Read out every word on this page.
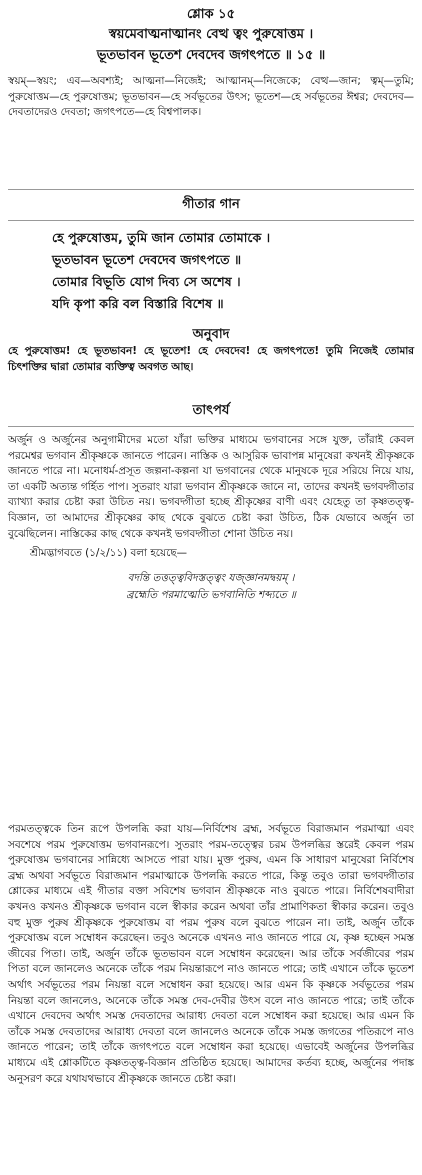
শ্লোক ১৫

স্বয়মেবাত্মনাত্মানং বেত্থ ত্বং পুরুষোত্তম ।

ভূতভাবন ভূতেশ দেবদেব জগৎপতে ॥ ১৫ ॥

স্বয়ম্—স্বয়ং; এব—অবশ্যই; আত্মনা—নিজেই; আত্মানম্—নিজেকে; বেত্থ—জান; ত্বম্—তুমি; পুরুষোত্তম—হে পুরুষোত্তম; ভূতভাবন—হে সর্বভূতের উৎস; ভূতেশ—হে সর্বভূতের ঈশ্বর; দেবদেব—দেবতাদেরও দেবতা; জগৎপতে—হে বিশ্বপালক।

গীতার গান

হে পুরুষোত্তম, তুমি জান তোমার তোমাকে ।

ভূতভাবন ভূতেশ দেবদেব জগৎপতে ॥

তোমার বিভূতি যোগ দিব্য সে অশেষ ।

যদি কৃপা করি বল বিস্তারি বিশেষ ॥

অনুবাদ

হে পুরুষোত্তম! হে ভূতভাবন! হে ভূতেশ! হে দেবদেব! হে জগৎপতে! তুমি নিজেই তোমার চিৎশক্তির দ্বারা তোমার ব্যক্তিত্ব অবগত আছ।

তাৎপর্য

অর্জুন ও অর্জুনের অনুগামীদের মতো যাঁরা ভক্তির মাধ্যমে ভগবানের সঙ্গে যুক্ত, তাঁরাই কেবল পরমেশ্বর ভগবান শ্রীকৃষ্ণকে জানতে পারেন। নাস্তিক ও আসুরিক ভাবাপন্ন মানুষেরা কখনই শ্রীকৃষ্ণকে জানতে পারে না। মনোধর্ম-প্রসূত জল্পনা-কল্পনা যা ভগবানের থেকে মানুষকে দূরে সরিয়ে নিয়ে যায়, তা একটি অত্যন্ত গর্হিত পাপ। সুতরাং যারা ভগবান শ্রীকৃষ্ণকে জানে না, তাদের কখনই ভগবদ্গীতার ব্যাখ্যা করার চেষ্টা করা উচিত নয়। ভগবদ্গীতা হচ্ছে শ্রীকৃষ্ণের বাণী এবং যেহেতু তা কৃষ্ণতত্ত্ব-বিজ্ঞান, তা আমাদের শ্রীকৃষ্ণের কাছ থেকে বুঝতে চেষ্টা করা উচিত, ঠিক যেভাবে অর্জুন তা বুঝেছিলেন। নাস্তিকের কাছ থেকে কখনই ভগবদ্গীতা শোনা উচিত নয়।

শ্রীমদ্ভাগবতে (১/২/১১) বলা হয়েছে—

বদন্তি তত্তত্ত্ববিদস্তত্ত্বং যজ্জ্ঞানমদ্বয়ম্ ।

ব্রহ্মেতি পরমাত্মেতি ভগবানিতি শব্দ্যতে ॥

পরমতত্ত্বকে তিন রূপে উপলব্ধি করা যায়—নির্বিশেষ ব্রহ্ম, সর্বভূতে বিরাজমান পরমাত্মা এবং সবশেষে পরম পুরুষোত্তম ভগবানরূপে। সুতরাং পরম-তত্ত্বের চরম উপলব্ধির স্তরেই কেবল পরম পুরুষোত্তম ভগবানের সান্নিধ্যে আসতে পারা যায়। মুক্ত পুরুষ, এমন কি সাধারণ মানুষেরা নির্বিশেষ ব্রহ্ম অথবা সর্বভূতে বিরাজমান পরমাত্মাকে উপলব্ধি করতে পারে, কিন্তু তবুও তারা ভগবদ্গীতার শ্লোকের মাধ্যমে এই গীতার বক্তা সবিশেষ ভগবান শ্রীকৃষ্ণকে নাও বুঝতে পারে। নির্বিশেষবাদীরা কখনও কখনও শ্রীকৃষ্ণকে ভগবান বলে স্বীকার করেন অথবা তাঁর প্রামাণিকতা স্বীকার করেন। তবুও বহু মুক্ত পুরুষ শ্রীকৃষ্ণকে পুরুষোত্তম বা পরম পুরুষ বলে বুঝতে পারেন না। তাই, অর্জুন তাঁকে পুরুষোত্তম বলে সম্বোধন করেছেন। তবুও অনেকে এখনও নাও জানতে পারে যে, কৃষ্ণ হচ্ছেন সমস্ত জীবের পিতা। তাই, অর্জুন তাঁকে ভূতভাবন বলে সম্বোধন করেছেন। আর তাঁকে সর্বজীবের পরম পিতা বলে জানলেও অনেকে তাঁকে পরম নিয়ন্তারূপে নাও জানতে পারে; তাই এখানে তাঁকে ভূতেশ অর্থাৎ সর্বভূতের পরম নিয়ন্তা বলে সম্বোধন করা হয়েছে। আর এমন কি কৃষ্ণকে সর্বভূতের পরম নিয়ন্তা বলে জানলেও, অনেকে তাঁকে সমস্ত দেব-দেবীর উৎস বলে নাও জানতে পারে; তাই তাঁকে এখানে দেবদেব অর্থাৎ সমস্ত দেবতাদের আরাধ্য দেবতা বলে সম্বোধন করা হয়েছে। আর এমন কি তাঁকে সমস্ত দেবতাদের আরাধ্য দেবতা বলে জানলেও অনেকে তাঁকে সমস্ত জগতের পতিরূপে নাও জানতে পারেন; তাই তাঁকে জগৎপতে বলে সম্বোধন করা হয়েছে। এভাবেই অর্জুনের উপলব্ধির মাধ্যমে এই শ্লোকটিতে কৃষ্ণতত্ত্ব-বিজ্ঞান প্রতিষ্ঠিত হয়েছে। আমাদের কর্তব্য হচ্ছে, অর্জুনের পদাঙ্ক অনুসরণ করে যথাযথভাবে শ্রীকৃষ্ণকে জানতে চেষ্টা করা।
